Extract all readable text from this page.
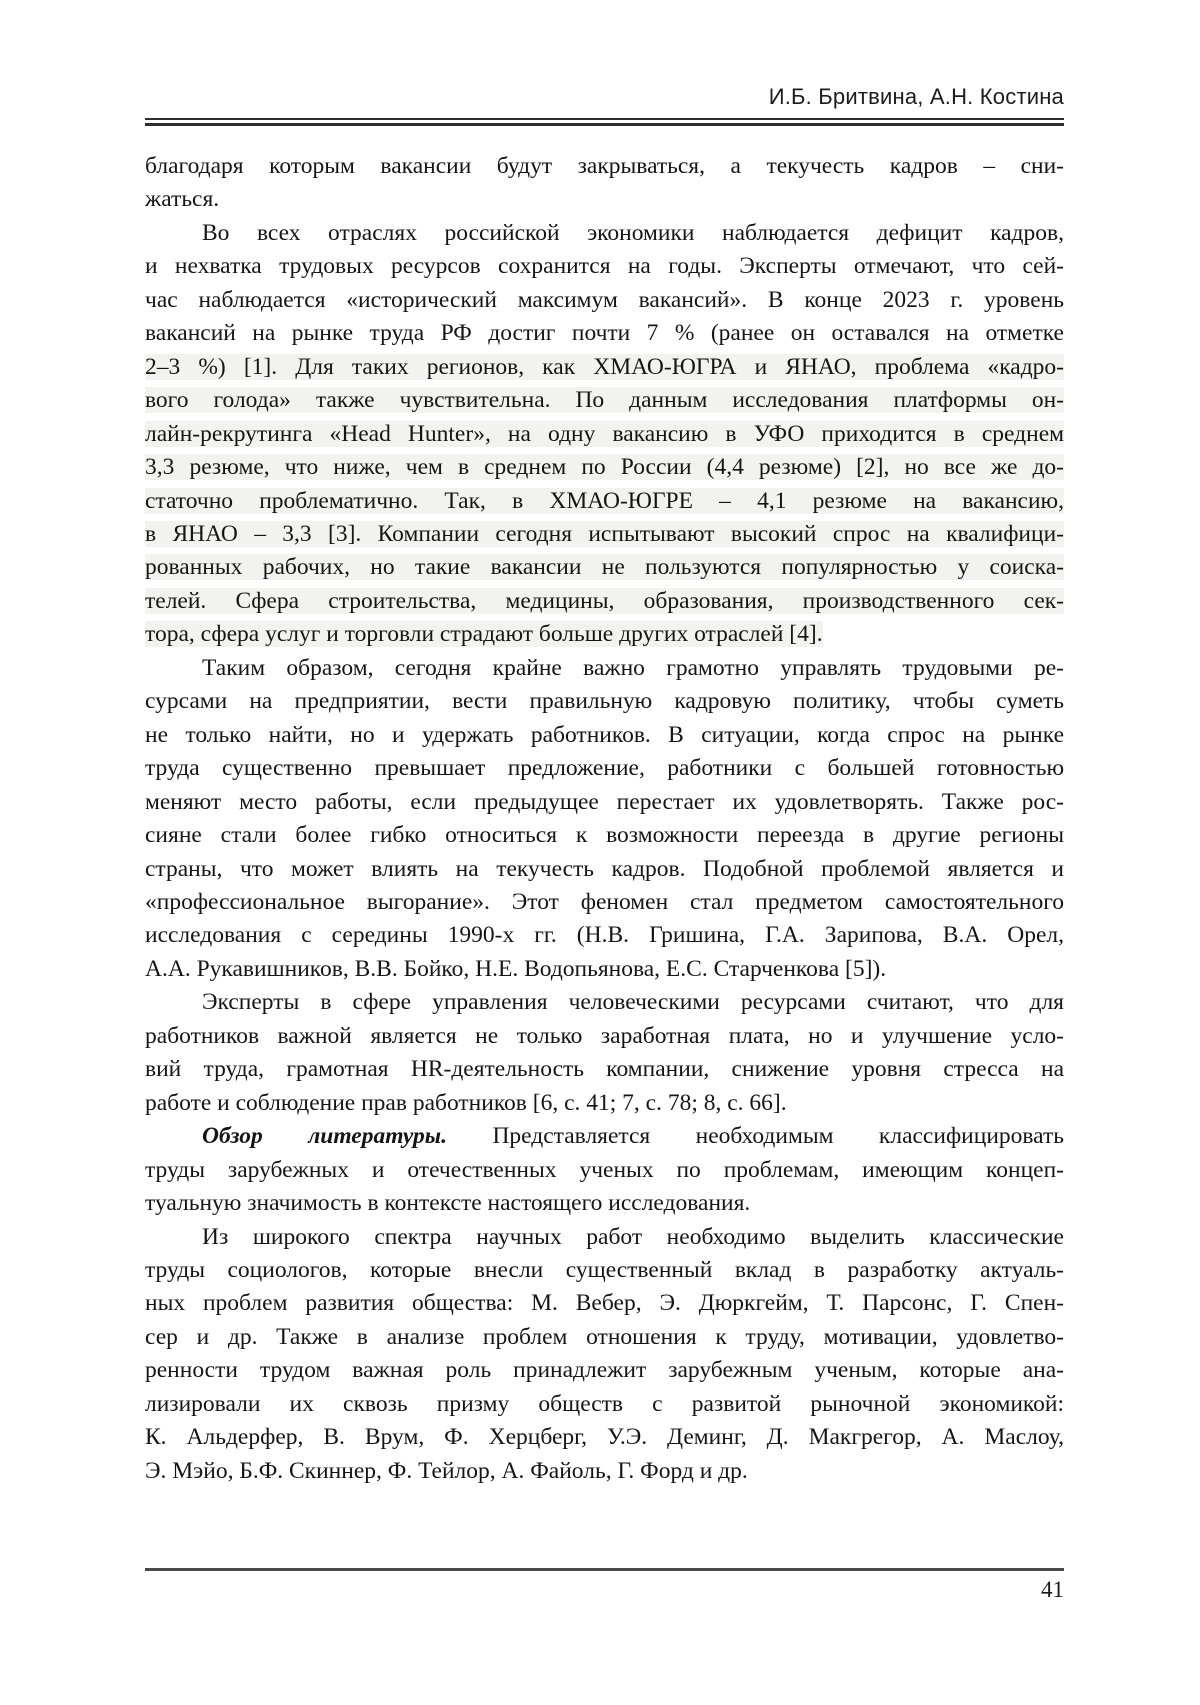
И.Б. Бритвина, А.Н. Костина
благодаря которым вакансии будут закрываться, а текучесть кадров – сни-
жаться.
Во всех отраслях российской экономики наблюдается дефицит кадров,
и нехватка трудовых ресурсов сохранится на годы. Эксперты отмечают, что сей-
час наблюдается «исторический максимум вакансий». В конце 2023 г. уровень
вакансий на рынке труда РФ достиг почти 7 % (ранее он оставался на отметке
2–3 %) [1]. Для таких регионов, как ХМАО-ЮГРА и ЯНАО, проблема «кадро-
вого голода» также чувствительна. По данным исследования платформы он-
лайн-рекрутинга «Head Hunter», на одну вакансию в УФО приходится в среднем
3,3 резюме, что ниже, чем в среднем по России (4,4 резюме) [2], но все же до-
статочно проблематично. Так, в ХМАО-ЮГРЕ – 4,1 резюме на вакансию,
в ЯНАО – 3,3 [3]. Компании сегодня испытывают высокий спрос на квалифици-
рованных рабочих, но такие вакансии не пользуются популярностью у соиска-
телей. Сфера строительства, медицины, образования, производственного сек-
тора, сфера услуг и торговли страдают больше других отраслей [4].
Таким образом, сегодня крайне важно грамотно управлять трудовыми ре-
сурсами на предприятии, вести правильную кадровую политику, чтобы суметь
не только найти, но и удержать работников. В ситуации, когда спрос на рынке
труда существенно превышает предложение, работники с большей готовностью
меняют место работы, если предыдущее перестает их удовлетворять. Также рос-
сияне стали более гибко относиться к возможности переезда в другие регионы
страны, что может влиять на текучесть кадров. Подобной проблемой является и
«профессиональное выгорание». Этот феномен стал предметом самостоятельного
исследования с середины 1990-х гг. (Н.В. Гришина, Г.А. Зарипова, В.А. Орел,
А.А. Рукавишников, В.В. Бойко, Н.Е. Водопьянова, Е.С. Старченкова [5]).
Эксперты в сфере управления человеческими ресурсами считают, что для
работников важной является не только заработная плата, но и улучшение усло-
вий труда, грамотная HR-деятельность компании, снижение уровня стресса на
работе и соблюдение прав работников [6, с. 41; 7, с. 78; 8, с. 66].
Обзор литературы. Представляется необходимым классифицировать
труды зарубежных и отечественных ученых по проблемам, имеющим концеп-
туальную значимость в контексте настоящего исследования.
Из широкого спектра научных работ необходимо выделить классические
труды социологов, которые внесли существенный вклад в разработку актуаль-
ных проблем развития общества: М. Вебер, Э. Дюркгейм, Т. Парсонс, Г. Спен-
сер и др. Также в анализе проблем отношения к труду, мотивации, удовлетво-
ренности трудом важная роль принадлежит зарубежным ученым, которые ана-
лизировали их сквозь призму обществ с развитой рыночной экономикой:
К. Альдерфер, В. Врум, Ф. Херцберг, У.Э. Деминг, Д. Макгрегор, А. Маслоу,
Э. Мэйо, Б.Ф. Скиннер, Ф. Тейлор, А. Файоль, Г. Форд и др.
41
